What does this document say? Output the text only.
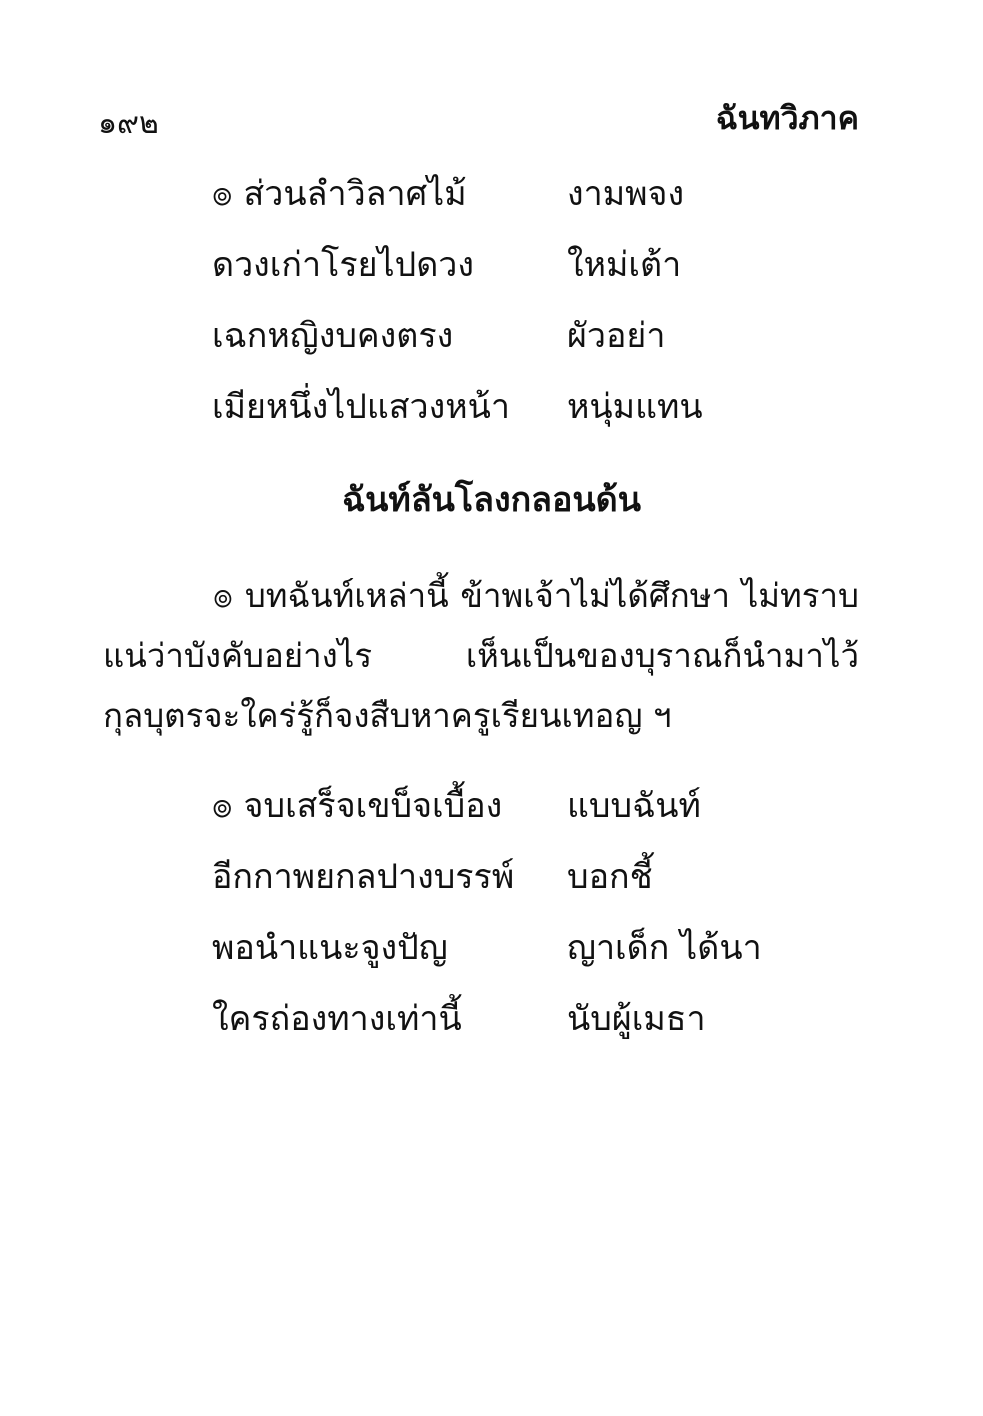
๑๙๒	ฉันทวิภาค
๏ ส่วนลำวิลาศไม้	งามพจง
ดวงเก่าโรยไปดวง	ใหม่เต้า
เฉกหญิงบคงตรง	ผัวอย่า
เมียหนึ่งไปแสวงหน้า หนุ่มแทน
ฉันท์ลันโลงกลอนด้น

๏ บทฉันท์เหล่านี้ ข้าพเจ้าไม่ได้ศึกษา ไม่ทราบแน่ว่าบังคับอย่างไร เห็นเป็นของบุราณก็นำมาไว้ กุลบุตรจะใคร่รู้ก็จงสืบหาครูเรียนเทอญ ฯ

๏ จบเสร็จเขบ็จเบื้อง แบบฉันท์
อีกกาพยกลปางบรรพ์ บอกชี้
พอนำแนะจูงปัญ	ญาเด็ก ได้นา
ใครถ่องทางเท่านี้	นับผู้เมธา
